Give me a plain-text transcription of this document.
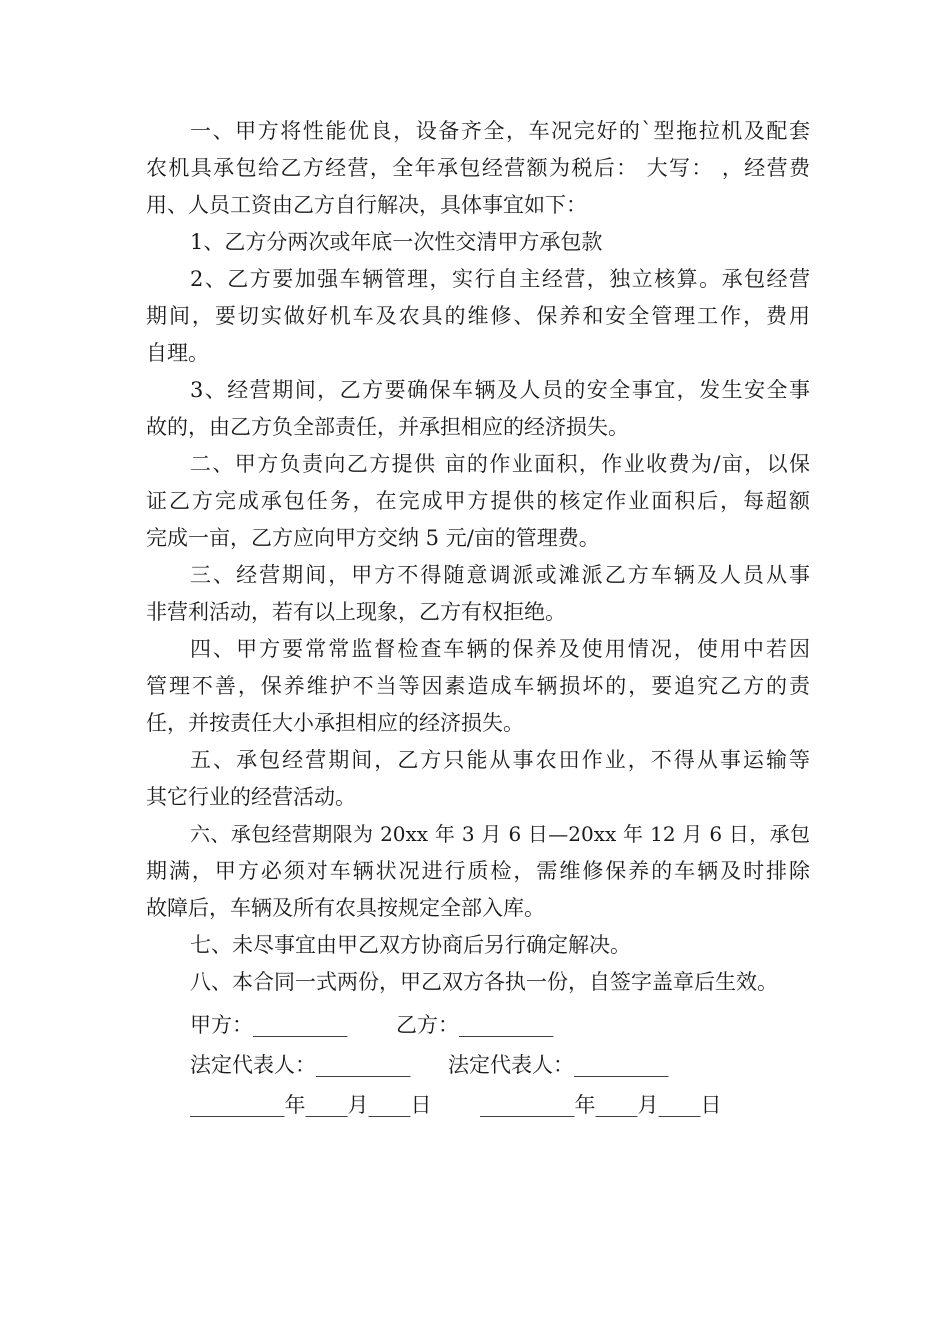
一、甲方将性能优良，设备齐全，车况完好的`型拖拉机及配套
农机具承包给乙方经营，全年承包经营额为税后： 大写： ，经营费
用、人员工资由乙方自行解决，具体事宜如下：
1、乙方分两次或年底一次性交清甲方承包款
2、乙方要加强车辆管理，实行自主经营，独立核算。承包经营
期间，要切实做好机车及农具的维修、保养和安全管理工作，费用
自理。
3、经营期间，乙方要确保车辆及人员的安全事宜，发生安全事
故的，由乙方负全部责任，并承担相应的经济损失。
二、甲方负责向乙方提供 亩的作业面积，作业收费为/亩，以保
证乙方完成承包任务，在完成甲方提供的核定作业面积后，每超额
完成一亩，乙方应向甲方交纳 5 元/亩的管理费。
三、经营期间，甲方不得随意调派或滩派乙方车辆及人员从事
非营利活动，若有以上现象，乙方有权拒绝。
四、甲方要常常监督检查车辆的保养及使用情况，使用中若因
管理不善，保养维护不当等因素造成车辆损坏的，要追究乙方的责
任，并按责任大小承担相应的经济损失。
五、承包经营期间，乙方只能从事农田作业，不得从事运输等
其它行业的经营活动。
六、承包经营期限为 20xx 年 3 月 6 日—20xx 年 12 月 6 日，承包
期满，甲方必须对车辆状况进行质检，需维修保养的车辆及时排除
故障后，车辆及所有农具按规定全部入库。
七、未尽事宜由甲乙双方协商后另行确定解决。
八、本合同一式两份，甲乙双方各执一份，自签字盖章后生效。

甲方：_________

乙方：_________

法定代表人：_________

法定代表人：_________

_________年____月____日

_________年____月____日
